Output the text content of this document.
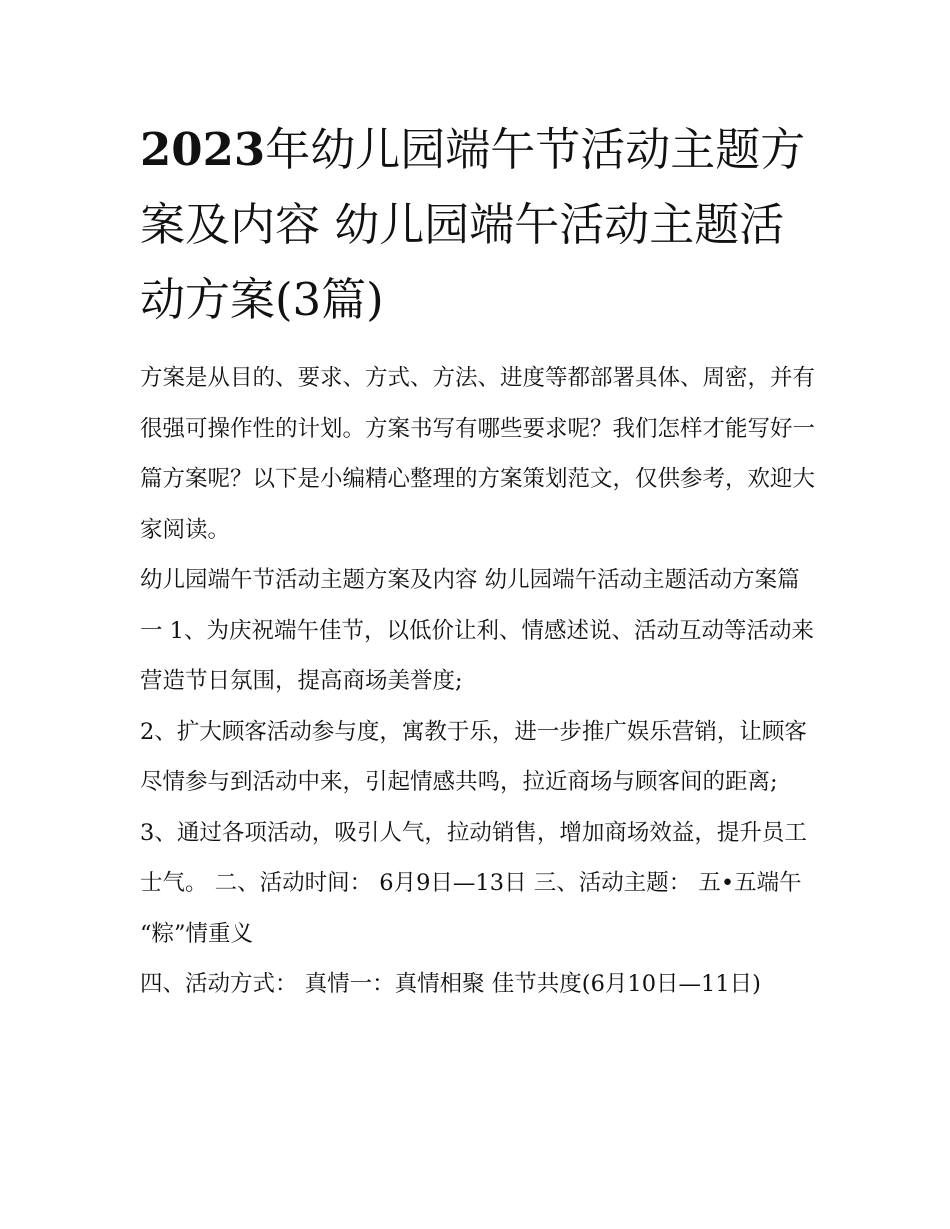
2023年幼儿园端午节活动主题方案及内容 幼儿园端午活动主题活动方案(3篇)

方案是从目的、要求、方式、方法、进度等都部署具体、周密，并有很强可操作性的计划。方案书写有哪些要求呢？我们怎样才能写好一篇方案呢？以下是小编精心整理的方案策划范文，仅供参考，欢迎大家阅读。

幼儿园端午节活动主题方案及内容 幼儿园端午活动主题活动方案篇一 1、为庆祝端午佳节，以低价让利、情感述说、活动互动等活动来营造节日氛围，提高商场美誉度;

2、扩大顾客活动参与度，寓教于乐，进一步推广娱乐营销，让顾客尽情参与到活动中来，引起情感共鸣，拉近商场与顾客间的距离;

3、通过各项活动，吸引人气，拉动销售，增加商场效益，提升员工士气。 二、活动时间： 6月9日—13日 三、活动主题： 五•五端午 “粽”情重义

四、活动方式： 真情一：真情相聚 佳节共度(6月10日—11日)
